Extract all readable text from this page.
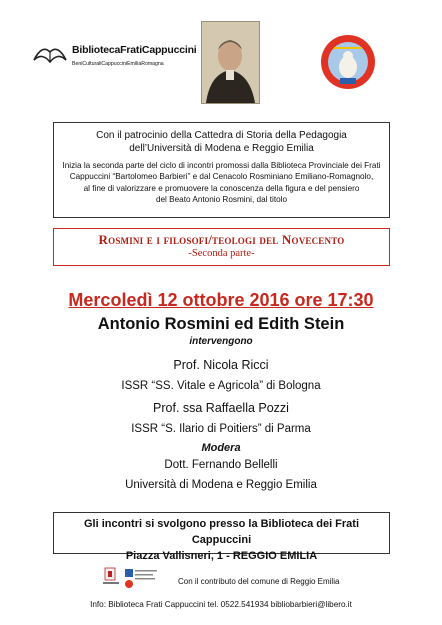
BibliotecaFratiCappuccini
BeniCulturaliCappucciniEmiliaRomagna
Con il patrocinio della Cattedra di Storia della Pedagogia
dell’Università di Modena e Reggio Emilia
Inizia la seconda parte del ciclo di incontri promossi dalla Biblioteca Provinciale dei Frati
Cappuccini “Bartolomeo Barbieri” e dal Cenacolo Rosminiano Emiliano-Romagnolo,
al fine di valorizzare e promuovere la conoscenza della figura e del pensiero
del Beato Antonio Rosmini, dal titolo
Rosmini e i filosofi/teologi del Novecento
-Seconda parte-
Mercoledì 12 ottobre 2016 ore 17:30
Antonio Rosmini ed Edith Stein
intervengono
Prof. Nicola Ricci
ISSR “SS. Vitale e Agricola” di Bologna
Prof. ssa Raffaella Pozzi
ISSR “S. Ilario di Poitiers” di Parma
Modera
Dott. Fernando Bellelli
Università di Modena e Reggio Emilia
Gli incontri si svolgono presso la Biblioteca dei Frati Cappuccini
Piazza Vallisneri, 1 - REGGIO EMILIA
Con il contributo del comune di Reggio Emilia
Info: Biblioteca Frati Cappuccini tel. 0522.541934 bibliobarbieri@libero.it
